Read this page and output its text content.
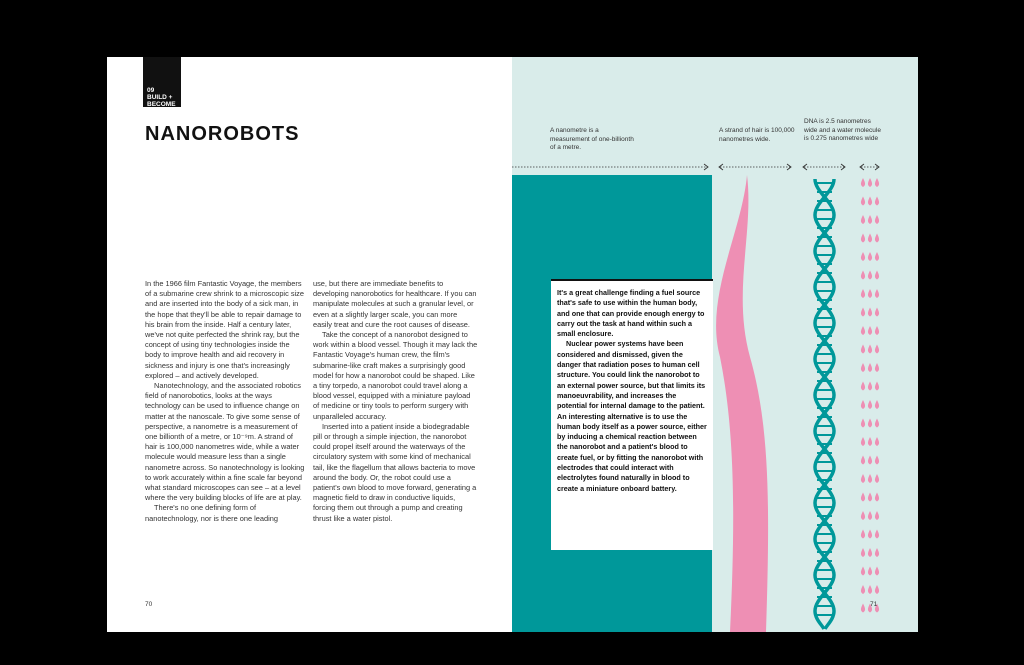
09
BUILD +
BECOME
NANOROBOTS

In the 1966 film Fantastic Voyage, the members of a submarine crew shrink to a microscopic size and are inserted into the body of a sick man, in the hope that they'll be able to repair damage to his brain from the inside. Half a century later, we've not quite perfected the shrink ray, but the concept of using tiny technologies inside the body to improve health and aid recovery in sickness and injury is one that's increasingly explored – and actively developed.

Nanotechnology, and the associated robotics field of nanorobotics, looks at the ways technology can be used to influence change on matter at the nanoscale. To give some sense of perspective, a nanometre is a measurement of one billionth of a metre, or 10⁻⁹m. A strand of hair is 100,000 nanometres wide, while a water molecule would measure less than a single nanometre across. So nanotechnology is looking to work accurately within a fine scale far beyond what standard microscopes can see – at a level where the very building blocks of life are at play.

There's no one defining form of nanotechnology, nor is there one leading

use, but there are immediate benefits to developing nanorobotics for healthcare. If you can manipulate molecules at such a granular level, or even at a slightly larger scale, you can more easily treat and cure the root causes of disease.

Take the concept of a nanorobot designed to work within a blood vessel. Though it may lack the Fantastic Voyage's human crew, the film's submarine-like craft makes a surprisingly good model for how a nanorobot could be shaped. Like a tiny torpedo, a nanorobot could travel along a blood vessel, equipped with a miniature payload of medicine or tiny tools to perform surgery with unparalleled accuracy.

Inserted into a patient inside a biodegradable pill or through a simple injection, the nanorobot could propel itself around the waterways of the circulatory system with some kind of mechanical tail, like the flagellum that allows bacteria to move around the body. Or, the robot could use a patient's own blood to move forward, generating a magnetic field to draw in conductive liquids, forcing them out through a pump and creating thrust like a water pistol.

70
A nanometre is a measurement of one-billionth of a metre.
A strand of hair is 100,000 nanometres wide.
DNA is 2.5 nanometres wide and a water molecule is 0.275 nanometres wide

It's a great challenge finding a fuel source that's safe to use within the human body, and one that can provide enough energy to carry out the task at hand within such a small enclosure.

Nuclear power systems have been considered and dismissed, given the danger that radiation poses to human cell structure. You could link the nanorobot to an external power source, but that limits its manoeuvrability, and increases the potential for internal damage to the patient. An interesting alternative is to use the human body itself as a power source, either by inducing a chemical reaction between the nanorobot and a patient's blood to create fuel, or by fitting the nanorobot with electrodes that could interact with electrolytes found naturally in blood to create a miniature onboard battery.

71
